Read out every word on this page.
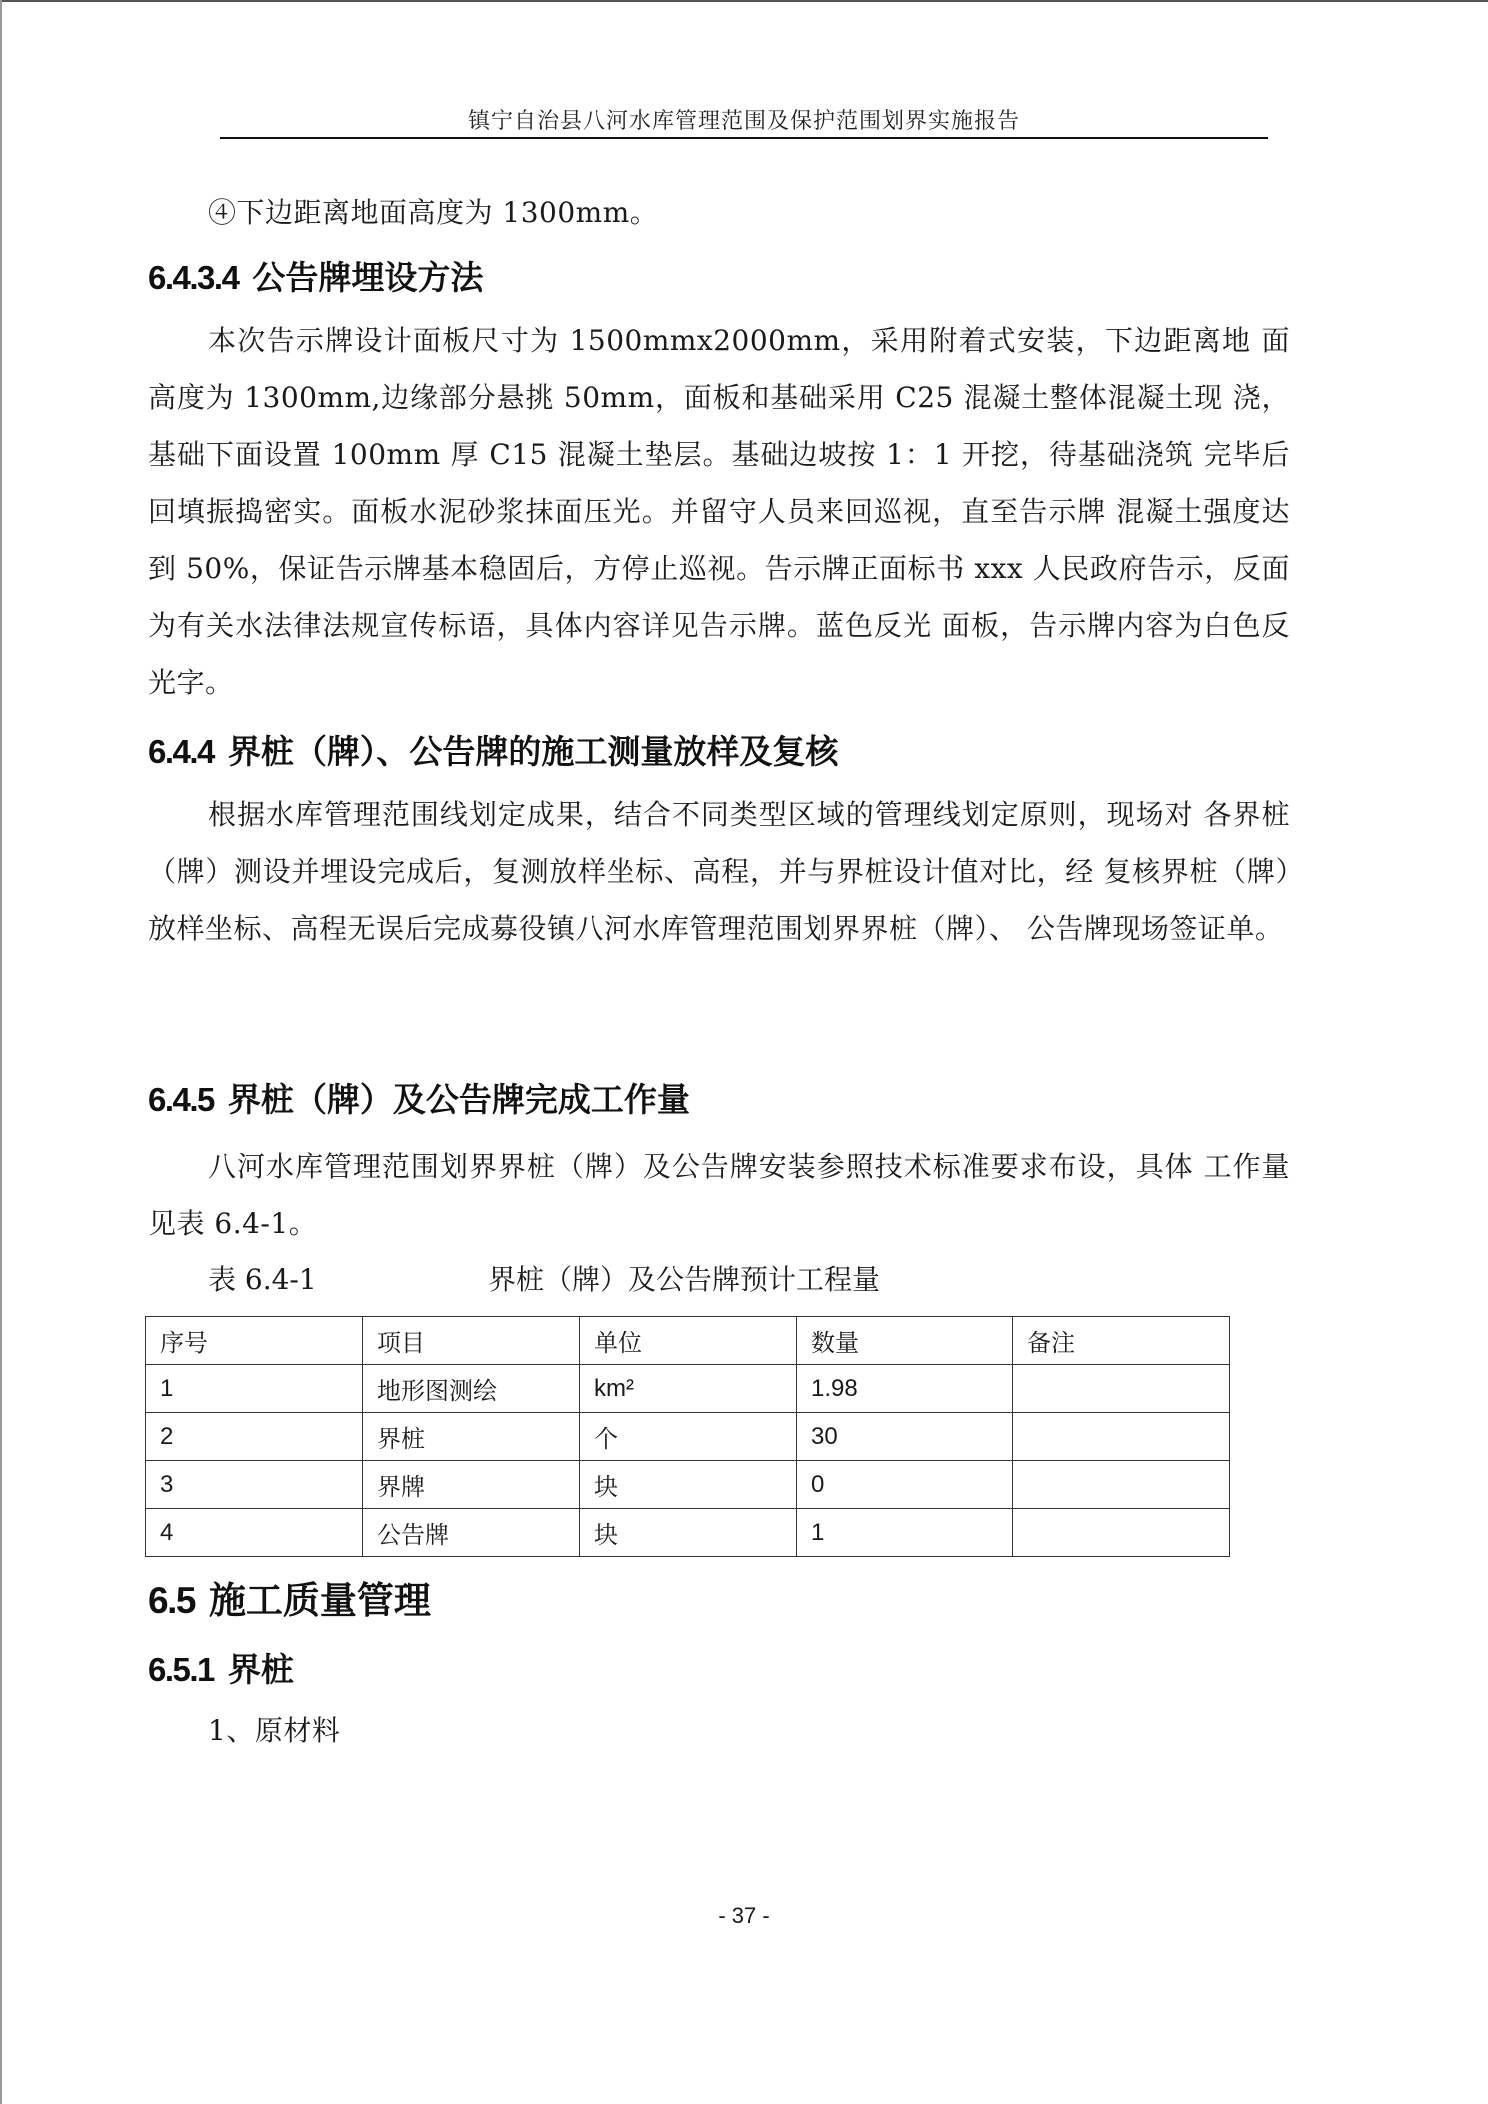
镇宁自治县八河水库管理范围及保护范围划界实施报告

④下边距离地面高度为 1300mm。

6.4.3.4 公告牌埋设方法

本次告示牌设计面板尺寸为 1500mmx2000mm，采用附着式安装，下边距离地 面高度为 1300mm,边缘部分悬挑 50mm，面板和基础采用 C25 混凝土整体混凝土现 浇，基础下面设置 100mm 厚 C15 混凝土垫层。基础边坡按 1：1 开挖，待基础浇筑 完毕后回填振捣密实。面板水泥砂浆抹面压光。并留守人员来回巡视，直至告示牌 混凝土强度达到 50%，保证告示牌基本稳固后，方停止巡视。告示牌正面标书 xxx 人民政府告示，反面为有关水法律法规宣传标语，具体内容详见告示牌。蓝色反光 面板，告示牌内容为白色反光字。

6.4.4 界桩（牌）、公告牌的施工测量放样及复核

根据水库管理范围线划定成果，结合不同类型区域的管理线划定原则，现场对 各界桩（牌）测设并埋设完成后，复测放样坐标、高程，并与界桩设计值对比，经 复核界桩（牌）放样坐标、高程无误后完成募役镇八河水库管理范围划界界桩（牌）、 公告牌现场签证单。

6.4.5 界桩（牌）及公告牌完成工作量

八河水库管理范围划界界桩（牌）及公告牌安装参照技术标准要求布设，具体 工作量见表 6.4-1。

表 6.4-1	界桩（牌）及公告牌预计工程量
序号	项目	单位	数量	备注
1	地形图测绘	km²	1.98	
2	界桩	个	30	
3	界牌	块	0	
4	公告牌	块	1	
6.5 施工质量管理
6.5.1 界桩

1、原材料

- 37 -
